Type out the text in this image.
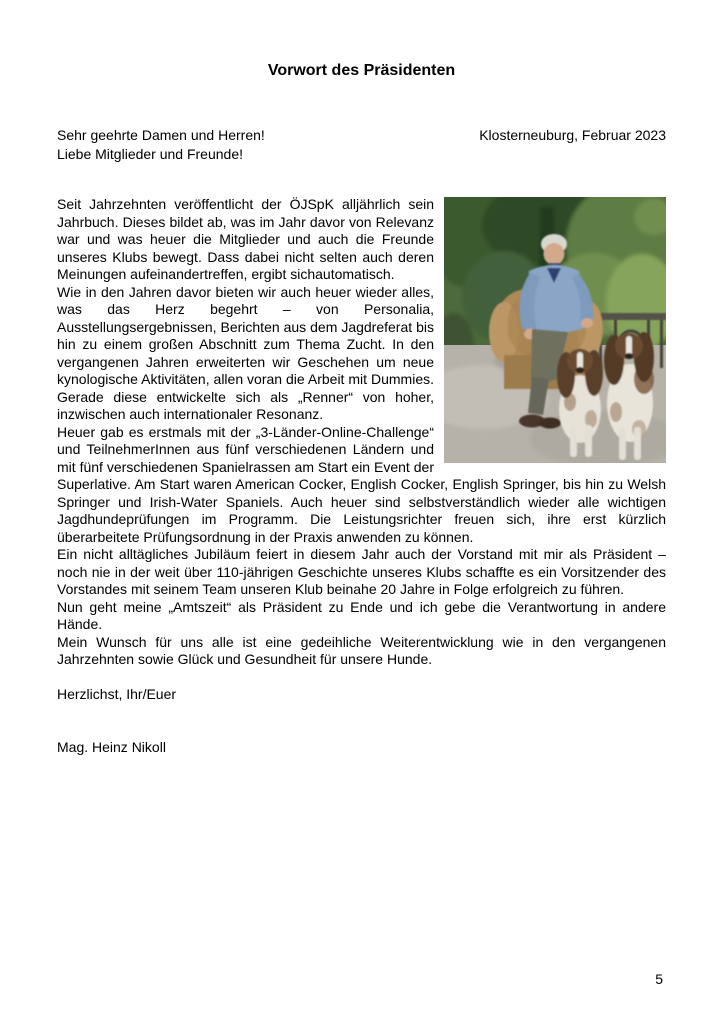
Vorwort des Präsidenten
Sehr geehrte Damen und Herren!
Liebe Mitglieder und Freunde!
Klosterneuburg, Februar 2023

Seit Jahrzehnten veröffentlicht der ÖJSpK alljährlich sein Jahrbuch. Dieses bildet ab, was im Jahr davor von Relevanz war und was heuer die Mitglieder und auch die Freunde unseres Klubs bewegt. Dass dabei nicht selten auch deren Meinungen aufeinandertreffen, ergibt sichautomatisch.

Wie in den Jahren davor bieten wir auch heuer wieder alles, was das Herz begehrt – von Personalia, Ausstellungsergebnissen, Berichten aus dem Jagdreferat bis hin zu einem großen Abschnitt zum Thema Zucht. In den vergangenen Jahren erweiterten wir Geschehen um neue kynologische Aktivitäten, allen voran die Arbeit mit Dummies. Gerade diese entwickelte sich als „Renner“ von hoher, inzwischen auch internationaler Resonanz.

Heuer gab es erstmals mit der „3-Länder-Online-Challenge“ und TeilnehmerInnen aus fünf verschiedenen Ländern und mit fünf verschiedenen Spanielrassen am Start ein Event der Superlative. Am Start waren American Cocker, English Cocker, English Springer, bis hin zu Welsh Springer und Irish-Water Spaniels. Auch heuer sind selbstverständlich wieder alle wichtigen Jagdhundeprüfungen im Programm. Die Leistungsrichter freuen sich, ihre erst kürzlich überarbeitete Prüfungsordnung in der Praxis anwenden zu können.

Ein nicht alltägliches Jubiläum feiert in diesem Jahr auch der Vorstand mit mir als Präsident – noch nie in der weit über 110-jährigen Geschichte unseres Klubs schaffte es ein Vorsitzender des Vorstandes mit seinem Team unseren Klub beinahe 20 Jahre in Folge erfolgreich zu führen.

Nun geht meine „Amtszeit“ als Präsident zu Ende und ich gebe die Verantwortung in andere Hände.

Mein Wunsch für uns alle ist eine gedeihliche Weiterentwicklung wie in den vergangenen Jahrzehnten sowie Glück und Gesundheit für unsere Hunde.

Herzlichst, Ihr/Euer
Mag. Heinz Nikoll
5
